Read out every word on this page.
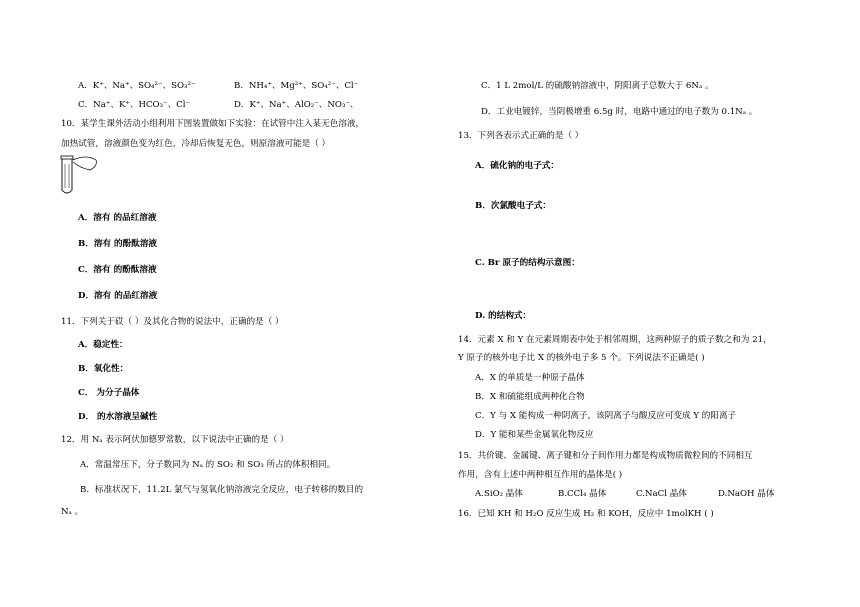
A．K⁺、Na⁺、SO₄²⁻、SO₃²⁻	B．NH₄⁺、Mg²⁺、SO₄²⁻、Cl⁻
C．Na⁺、K⁺、HCO₃⁻、Cl⁻	D．K⁺、Na⁺、AlO₂⁻、NO₃⁻、
10．某学生课外活动小组利用下图装置做如下实验：在试管中注入某无色溶液，
加热试管，溶液颜色变为红色，冷却后恢复无色，则原溶液可能是（ ）
A．溶有 的品红溶液
B．溶有 的酚酞溶液
C．溶有 的酚酞溶液
D．溶有 的品红溶液
11．下列关于砹（ ）及其化合物的说法中，正确的是（ ）
A．稳定性：
B．氧化性：
C． 为分子晶体
D． 的水溶液呈碱性
12．用 Nₐ 表示阿伏加德罗常数，以下说法中正确的是（ ）
A．常温常压下，分子数同为 Nₐ 的 SO₂ 和 SO₃ 所占的体积相同。
B．标准状况下，11.2L 氯气与氢氧化钠溶液完全反应，电子转移的数目的
Nₐ 。
C．1 L 2mol/L 的硫酸钠溶液中，阴阳离子总数大于 6Nₐ 。
D．工业电镀锌，当阴极增重 6.5g 时，电路中通过的电子数为 0.1Nₐ 。
13．下列各表示式正确的是（ ）
A．硫化钠的电子式：
B．次氯酸电子式：
C. Br 原子的结构示意图：
D. 的结构式：
14．元素 X 和 Y 在元素周期表中处于相邻周期，这两种原子的质子数之和为 21，
Y 原子的核外电子比 X 的核外电子多 5 个。下列说法不正确是( )
A．X 的单质是一种原子晶体
B．X 和硫能组成两种化合物
C．Y 与 X 能构成一种阴离子，该阴离子与酸反应可变成 Y 的阳离子
D．Y 能和某些金属氧化物反应
15．共价键、金属键、离子键和分子间作用力都是构成物质微粒间的不同相互
作用，含有上述中两种相互作用的晶体是( )
A.SiO₂ 晶体	B.CCl₄ 晶体	C.NaCl 晶体	D.NaOH 晶体
16．已知 KH 和 H₂O 反应生成 H₂ 和 KOH，反应中 1molKH ( )
